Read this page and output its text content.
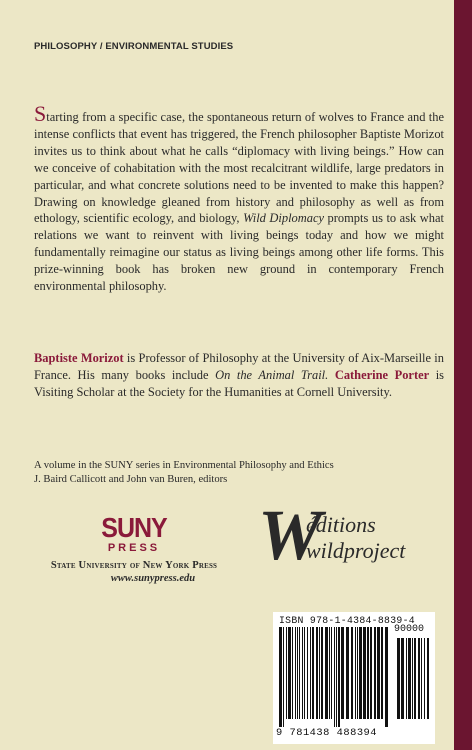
PHILOSOPHY / ENVIRONMENTAL STUDIES

Starting from a specific case, the spontaneous return of wolves to France and the intense conflicts that event has triggered, the French philosopher Baptiste Morizot invites us to think about what he calls “diplomacy with living beings.” How can we conceive of cohabitation with the most recalcitrant wildlife, large predators in particular, and what concrete solutions need to be invented to make this happen? Drawing on knowledge gleaned from history and philosophy as well as from ethology, scientific ecology, and biology, Wild Diplomacy prompts us to ask what relations we want to reinvent with living beings today and how we might fundamentally reimagine our status as living beings among other life forms. This prize-winning book has broken new ground in contemporary French environmental philosophy.

Baptiste Morizot is Professor of Philosophy at the University of Aix-Marseille in France. His many books include On the Animal Trail. Catherine Porter is Visiting Scholar at the Society for the Humanities at Cornell University.

A volume in the SUNY series in Environmental Philosophy and Ethics
J. Baird Callicott and John van Buren, editors
SUNY
PRESS
State University of New York Press
www.sunypress.edu
W
éditions
wildproject
ISBN 978-1-4384-8839-4
90000
9 781438 488394
